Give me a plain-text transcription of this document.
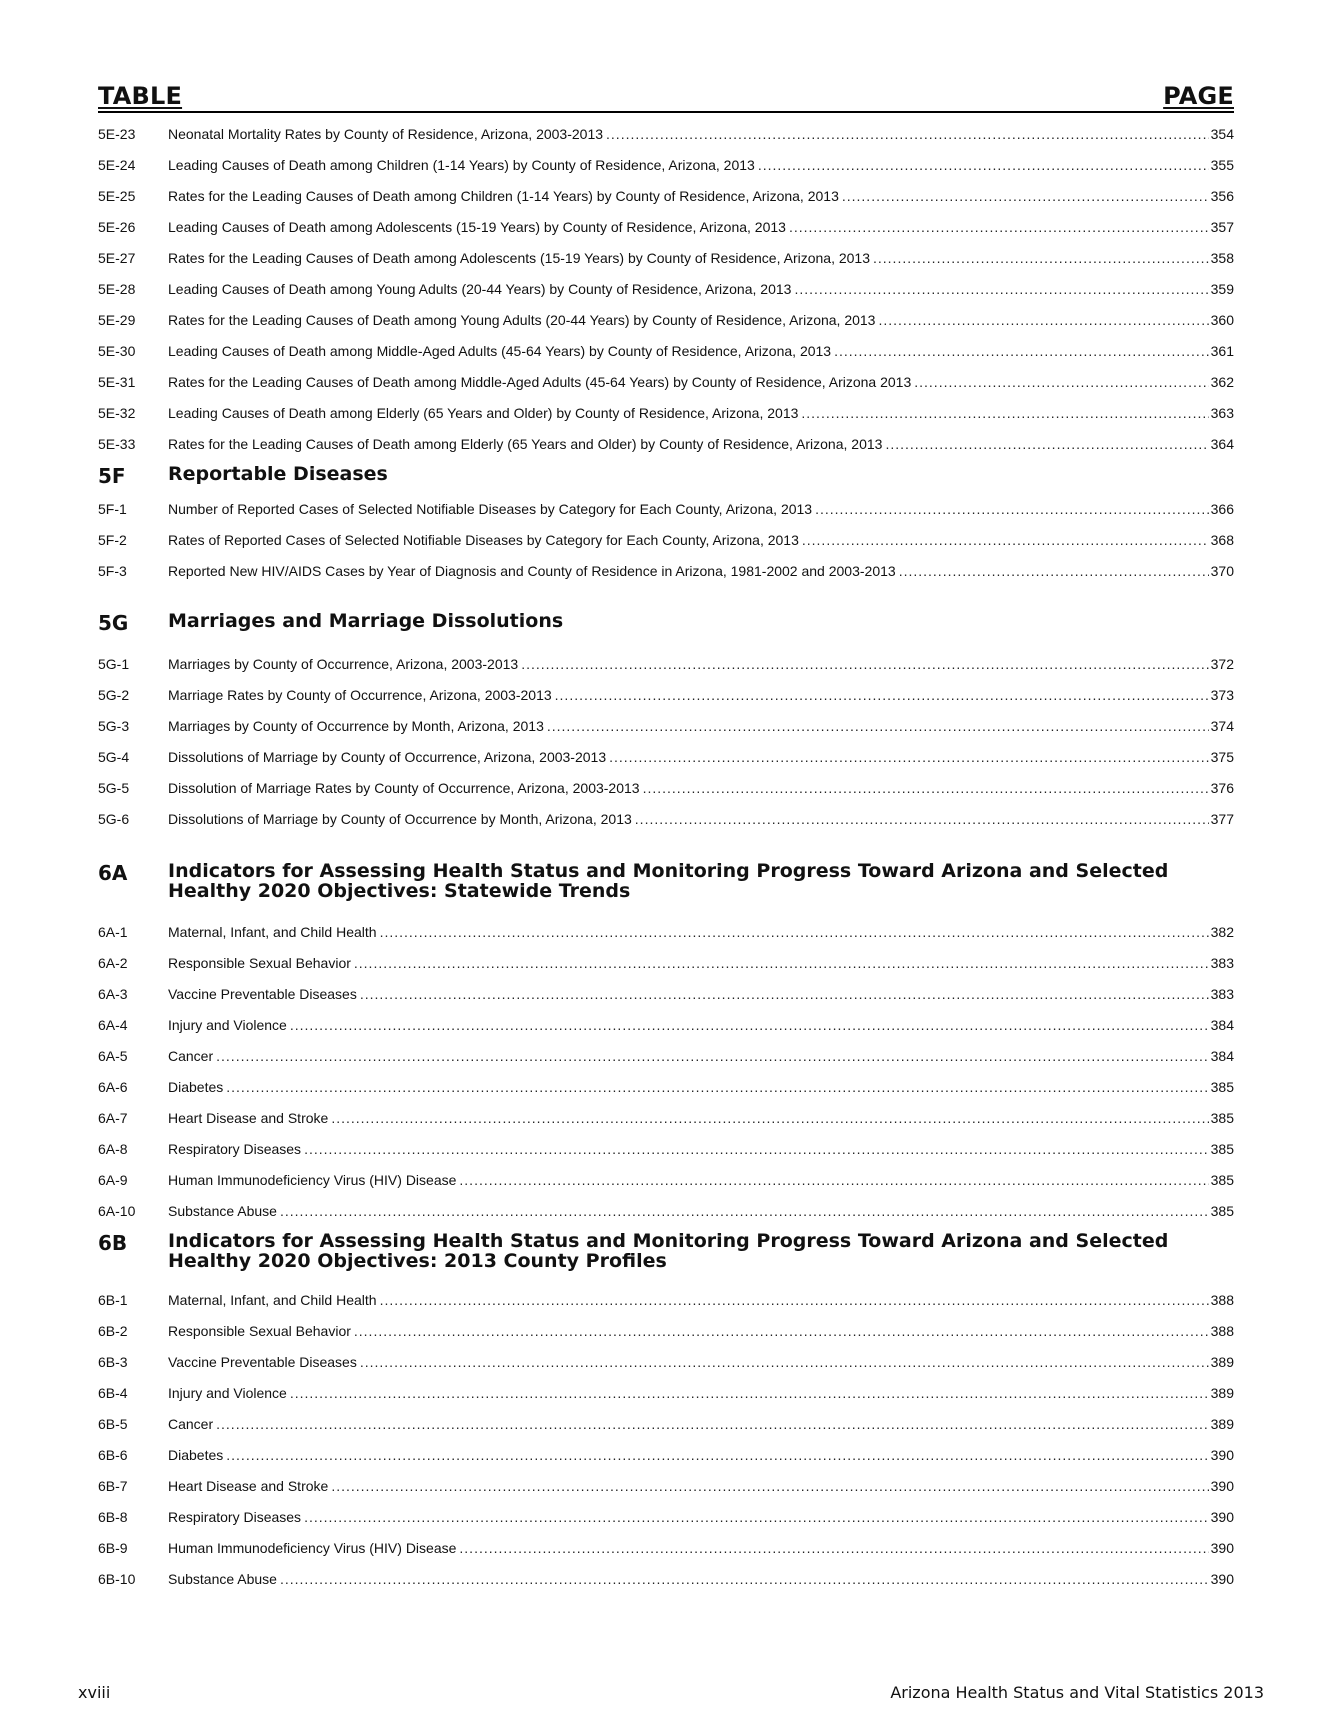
TABLE	PAGE
5E-23	Neonatal Mortality Rates by County of Residence, Arizona, 2003-2013 .....	354
5E-24	Leading Causes of Death among Children (1-14 Years) by County of Residence, Arizona, 2013 .....	355
5E-25	Rates for the Leading Causes of Death among Children (1-14 Years) by County of Residence, Arizona, 2013 .....	356
5E-26	Leading Causes of Death among Adolescents (15-19 Years) by County of Residence, Arizona, 2013 .....	357
5E-27	Rates for the Leading Causes of Death among Adolescents (15-19 Years) by County of Residence, Arizona, 2013 .....	358
5E-28	Leading Causes of Death among Young Adults (20-44 Years) by County of Residence, Arizona, 2013 .....	359
5E-29	Rates for the Leading Causes of Death among Young Adults (20-44 Years) by County of Residence, Arizona, 2013 .....	360
5E-30	Leading Causes of Death among Middle-Aged Adults (45-64 Years) by County of Residence, Arizona, 2013 .....	361
5E-31	Rates for the Leading Causes of Death among Middle-Aged Adults (45-64 Years) by County of Residence, Arizona 2013 .....	362
5E-32	Leading Causes of Death among Elderly (65 Years and Older) by County of Residence, Arizona, 2013 .....	363
5E-33	Rates for the Leading Causes of Death among Elderly (65 Years and Older) by County of Residence, Arizona, 2013 .....	364
5F	Reportable Diseases
5F-1	Number of Reported Cases of Selected Notifiable Diseases by Category for Each County, Arizona, 2013 .....	366
5F-2	Rates of Reported Cases of Selected Notifiable Diseases by Category for Each County, Arizona, 2013 .....	368
5F-3	Reported New HIV/AIDS Cases by Year of Diagnosis and County of Residence in Arizona, 1981-2002 and 2003-2013 .....	370
5G	Marriages and Marriage Dissolutions
5G-1	Marriages by County of Occurrence, Arizona, 2003-2013 .....	372
5G-2	Marriage Rates by County of Occurrence, Arizona, 2003-2013 .....	373
5G-3	Marriages by County of Occurrence by Month, Arizona, 2013 .....	374
5G-4	Dissolutions of Marriage by County of Occurrence, Arizona, 2003-2013 .....	375
5G-5	Dissolution of Marriage Rates by County of Occurrence, Arizona, 2003-2013 .....	376
5G-6	Dissolutions of Marriage by County of Occurrence by Month, Arizona, 2013 .....	377
6A	Indicators for Assessing Health Status and Monitoring Progress Toward Arizona and Selected
Healthy 2020 Objectives: Statewide Trends
6A-1	Maternal, Infant, and Child Health .....	382
6A-2	Responsible Sexual Behavior .....	383
6A-3	Vaccine Preventable Diseases .....	383
6A-4	Injury and Violence .....	384
6A-5	Cancer .....	384
6A-6	Diabetes .....	385
6A-7	Heart Disease and Stroke .....	385
6A-8	Respiratory Diseases .....	385
6A-9	Human Immunodeficiency Virus (HIV) Disease .....	385
6A-10	Substance Abuse .....	385
6B	Indicators for Assessing Health Status and Monitoring Progress Toward Arizona and Selected
Healthy 2020 Objectives: 2013 County Profiles
6B-1	Maternal, Infant, and Child Health .....	388
6B-2	Responsible Sexual Behavior .....	388
6B-3	Vaccine Preventable Diseases .....	389
6B-4	Injury and Violence .....	389
6B-5	Cancer .....	389
6B-6	Diabetes .....	390
6B-7	Heart Disease and Stroke .....	390
6B-8	Respiratory Diseases .....	390
6B-9	Human Immunodeficiency Virus (HIV) Disease .....	390
6B-10	Substance Abuse .....	390
xviii	Arizona Health Status and Vital Statistics 2013
